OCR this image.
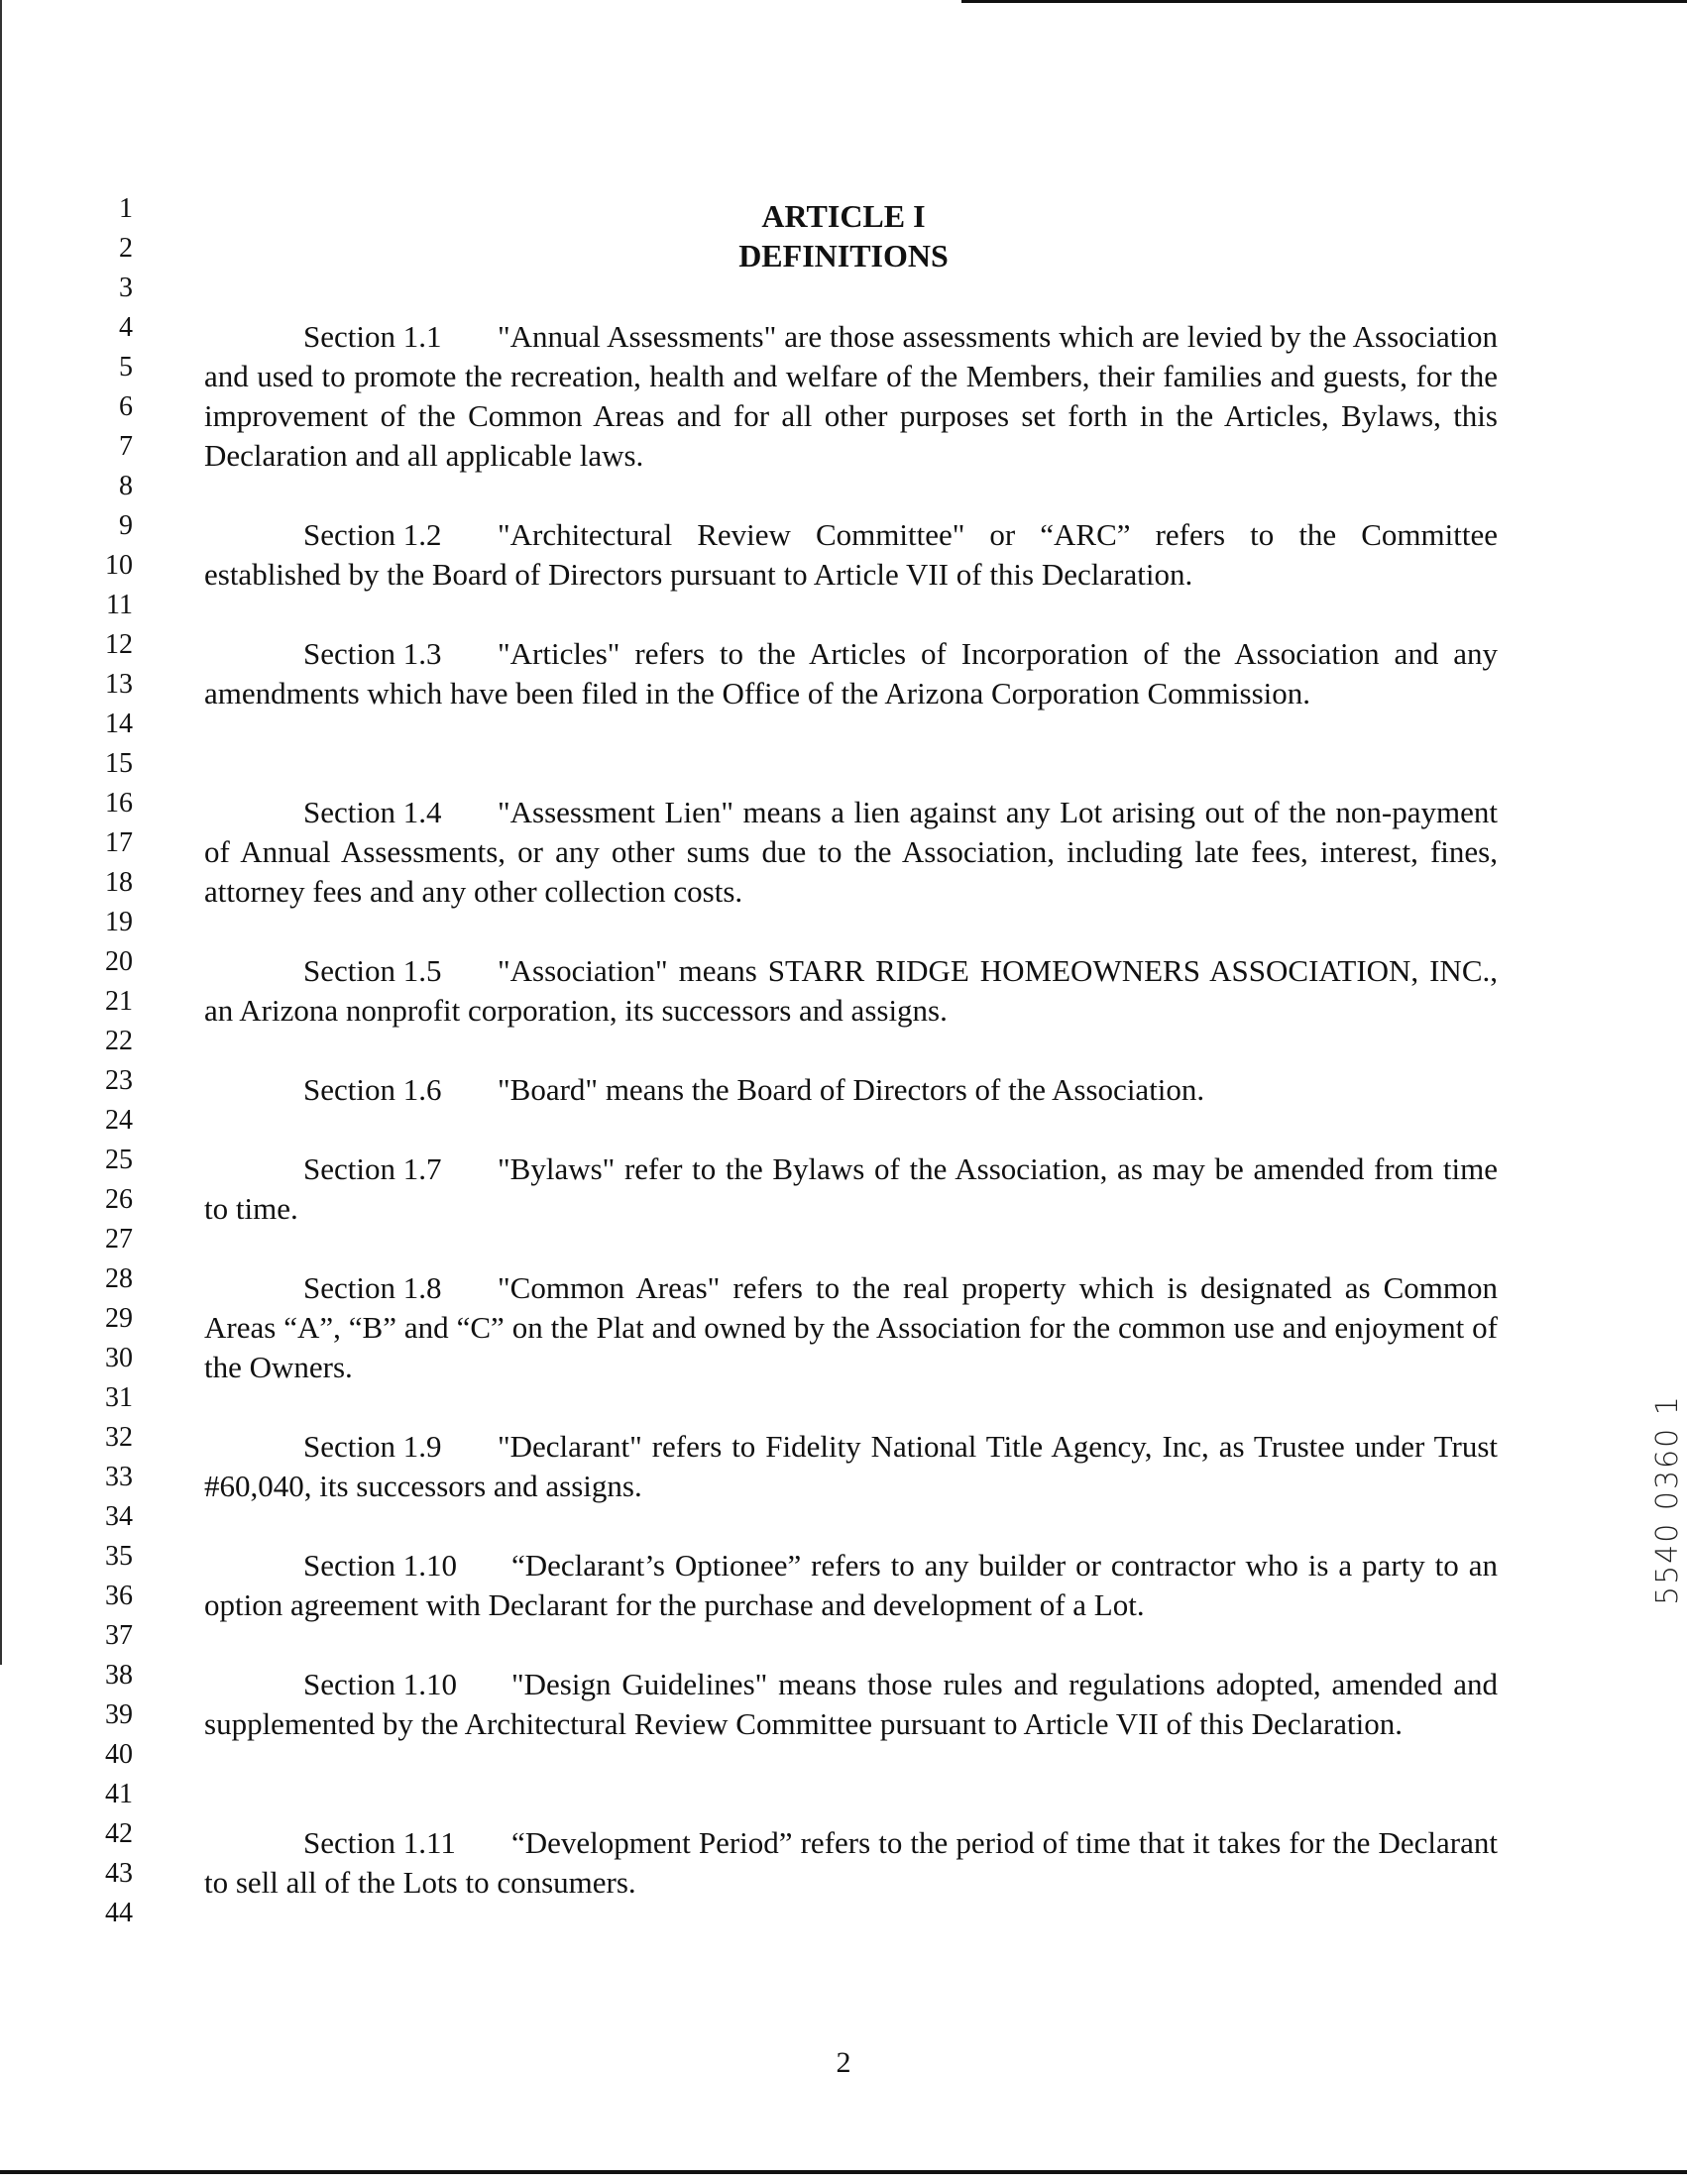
1
2
3
4
5
6
7
8
9
10
11
12
13
14
15
16
17
18
19
20
21
22
23
24
25
26
27
28
29
30
31
32
33
34
35
36
37
38
39
40
41
42
43
44
ARTICLE I
DEFINITIONS
Section 1.1 "Annual Assessments" are those assessments which are levied by the Association and used to promote the recreation, health and welfare of the Members, their families and guests, for the improvement of the Common Areas and for all other purposes set forth in the Articles, Bylaws, this Declaration and all applicable laws.
Section 1.2 "Architectural Review Committee" or “ARC” refers to the Committee established by the Board of Directors pursuant to Article VII of this Declaration.
Section 1.3 "Articles" refers to the Articles of Incorporation of the Association and any amendments which have been filed in the Office of the Arizona Corporation Commission.
Section 1.4 "Assessment Lien" means a lien against any Lot arising out of the non-payment of Annual Assessments, or any other sums due to the Association, including late fees, interest, fines, attorney fees and any other collection costs.
Section 1.5 "Association" means STARR RIDGE HOMEOWNERS ASSOCIATION, INC., an Arizona nonprofit corporation, its successors and assigns.
Section 1.6 "Board" means the Board of Directors of the Association.
Section 1.7 "Bylaws" refer to the Bylaws of the Association, as may be amended from time to time.
Section 1.8 "Common Areas" refers to the real property which is designated as Common Areas “A”, “B” and “C” on the Plat and owned by the Association for the common use and enjoyment of the Owners.
Section 1.9 "Declarant" refers to Fidelity National Title Agency, Inc, as Trustee under Trust #60,040, its successors and assigns.
Section 1.10 “Declarant’s Optionee” refers to any builder or contractor who is a party to an option agreement with Declarant for the purchase and development of a Lot.
Section 1.10 "Design Guidelines" means those rules and regulations adopted, amended and supplemented by the Architectural Review Committee pursuant to Article VII of this Declaration.
Section 1.11 “Development Period” refers to the period of time that it takes for the Declarant to sell all of the Lots to consumers.
2
5540 0360 1
